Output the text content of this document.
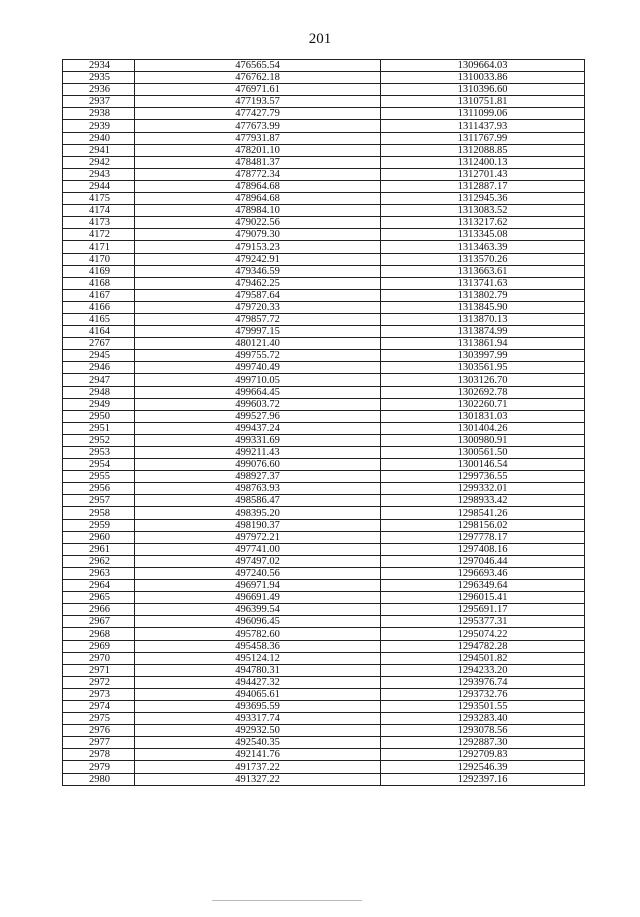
201
2934	476565.54	1309664.03
2935	476762.18	1310033.86
2936	476971.61	1310396.60
2937	477193.57	1310751.81
2938	477427.79	1311099.06
2939	477673.99	1311437.93
2940	477931.87	1311767.99
2941	478201.10	1312088.85
2942	478481.37	1312400.13
2943	478772.34	1312701.43
2944	478964.68	1312887.17
4175	478964.68	1312945.36
4174	478984.10	1313083.52
4173	479022.56	1313217.62
4172	479079.30	1313345.08
4171	479153.23	1313463.39
4170	479242.91	1313570.26
4169	479346.59	1313663.61
4168	479462.25	1313741.63
4167	479587.64	1313802.79
4166	479720.33	1313845.90
4165	479857.72	1313870.13
4164	479997.15	1313874.99
2767	480121.40	1313861.94
2945	499755.72	1303997.99
2946	499740.49	1303561.95
2947	499710.05	1303126.70
2948	499664.45	1302692.78
2949	499603.72	1302260.71
2950	499527.96	1301831.03
2951	499437.24	1301404.26
2952	499331.69	1300980.91
2953	499211.43	1300561.50
2954	499076.60	1300146.54
2955	498927.37	1299736.55
2956	498763.93	1299332.01
2957	498586.47	1298933.42
2958	498395.20	1298541.26
2959	498190.37	1298156.02
2960	497972.21	1297778.17
2961	497741.00	1297408.16
2962	497497.02	1297046.44
2963	497240.56	1296693.46
2964	496971.94	1296349.64
2965	496691.49	1296015.41
2966	496399.54	1295691.17
2967	496096.45	1295377.31
2968	495782.60	1295074.22
2969	495458.36	1294782.28
2970	495124.12	1294501.82
2971	494780.31	1294233.20
2972	494427.32	1293976.74
2973	494065.61	1293732.76
2974	493695.59	1293501.55
2975	493317.74	1293283.40
2976	492932.50	1293078.56
2977	492540.35	1292887.30
2978	492141.76	1292709.83
2979	491737.22	1292546.39
2980	491327.22	1292397.16
